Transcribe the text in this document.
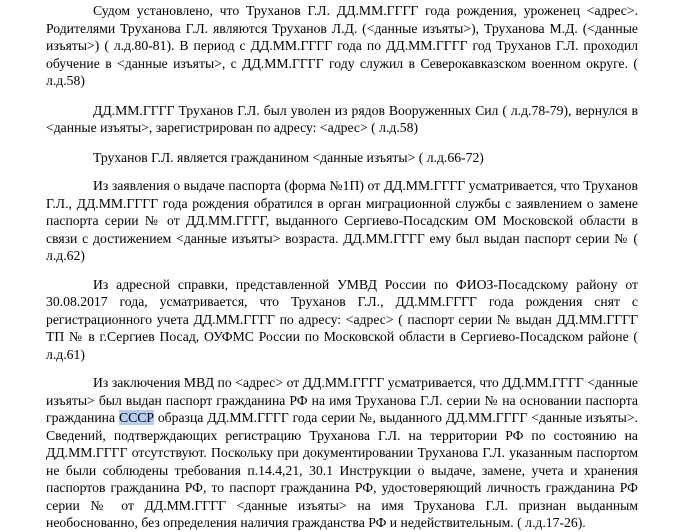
Судом установлено, что Труханов Г.Л. ДД.ММ.ГГГГ года рождения, уроженец <адрес>. Родителями Труханова Г.Л. являются Труханов Л.Д. (<данные изъяты>), Труханова М.Д. (<данные изъяты>) ( л.д.80-81). В период с ДД.ММ.ГГГГ года по ДД.ММ.ГГГГ год Труханов Г.Л. проходил обучение в <данные изъяты>, с ДД.ММ.ГГГГ году служил в Северокавказском военном округе. ( л.д.58)

ДД.ММ.ГГГГ Труханов Г.Л. был уволен из рядов Вооруженных Сил ( л.д.78-79), вернулся в <данные изъяты>, зарегистрирован по адресу: <адрес> ( л.д.58)

Труханов Г.Л. является гражданином <данные изъяты> ( л.д.66-72)

Из заявления о выдаче паспорта (форма №1П) от ДД.ММ.ГГГГ усматривается, что Труханов Г.Л., ДД.ММ.ГГГГ года рождения обратился в орган миграционной службы с заявлением о замене паспорта серии № от ДД.ММ.ГГГГ, выданного Сергиево-Посадским ОМ Московской области в связи с достижением <данные изъяты> возраста. ДД.ММ.ГГГГ ему был выдан паспорт серии № ( л.д.62)

Из адресной справки, представленной УМВД России по ФИОЗ-Посадскому району от 30.08.2017 года, усматривается, что Труханов Г.Л., ДД.ММ.ГГГГ года рождения снят с регистрационного учета ДД.ММ.ГГГГ по адресу: <адрес> ( паспорт серии № выдан ДД.ММ.ГГГГ ТП № в г.Сергиев Посад, ОУФМС России по Московской области в Сергиево-Посадском районе ( л.д.61)

Из заключения МВД по <адрес> от ДД.ММ.ГГГГ усматривается, что ДД.ММ.ГГГГ <данные изъяты> был выдан паспорт гражданина РФ на имя Труханова Г.Л. серии № на основании паспорта гражданина СССР образца ДД.ММ.ГГГГ года серии №, выданного ДД.ММ.ГГГГ <данные изъяты>. Сведений, подтверждающих регистрацию Труханова Г.Л. на территории РФ по состоянию на ДД.ММ.ГГГГ отсутствуют. Поскольку при документировании Труханова Г.Л. указанным паспортом не были соблюдены требования п.14.4,21, 30.1 Инструкции о выдаче, замене, учета и хранения паспортов гражданина РФ, то паспорт гражданина РФ, удостоверяющий личность гражданина РФ серии № от ДД.ММ.ГГГГ <данные изъяты> на имя Труханова Г.Л. признан выданным необоснованно, без определения наличия гражданства РФ и недействительным. ( л.д.17-26).
